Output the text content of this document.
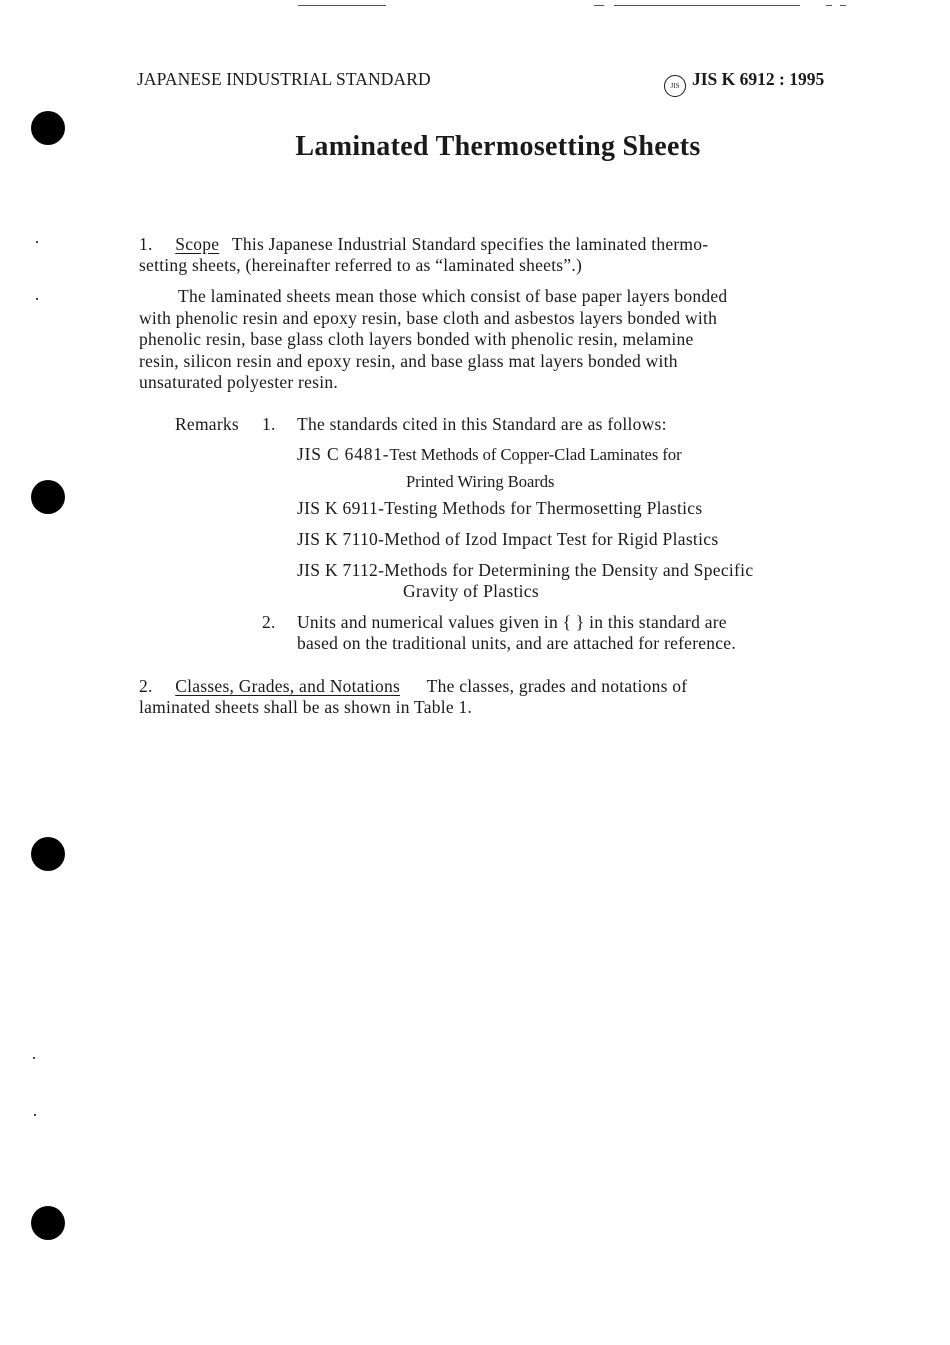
JAPANESE INDUSTRIAL STANDARD	JIS JIS K 6912 : 1995
Laminated Thermosetting Sheets
1. Scope This Japanese Industrial Standard specifies the laminated thermo-
setting sheets, (hereinafter referred to as “laminated sheets”.)
The laminated sheets mean those which consist of base paper layers bonded
with phenolic resin and epoxy resin, base cloth and asbestos layers bonded with
phenolic resin, base glass cloth layers bonded with phenolic resin, melamine
resin, silicon resin and epoxy resin, and base glass mat layers bonded with
unsaturated polyester resin.
Remarks 1. The standards cited in this Standard are as follows:
JIS C 6481-Test Methods of Copper-Clad Laminates for
Printed Wiring Boards
JIS K 6911-Testing Methods for Thermosetting Plastics
JIS K 7110-Method of Izod Impact Test for Rigid Plastics
JIS K 7112-Methods for Determining the Density and Specific
Gravity of Plastics
2. Units and numerical values given in { } in this standard are
based on the traditional units, and are attached for reference.
2. Classes, Grades, and Notations The classes, grades and notations of
laminated sheets shall be as shown in Table 1.
